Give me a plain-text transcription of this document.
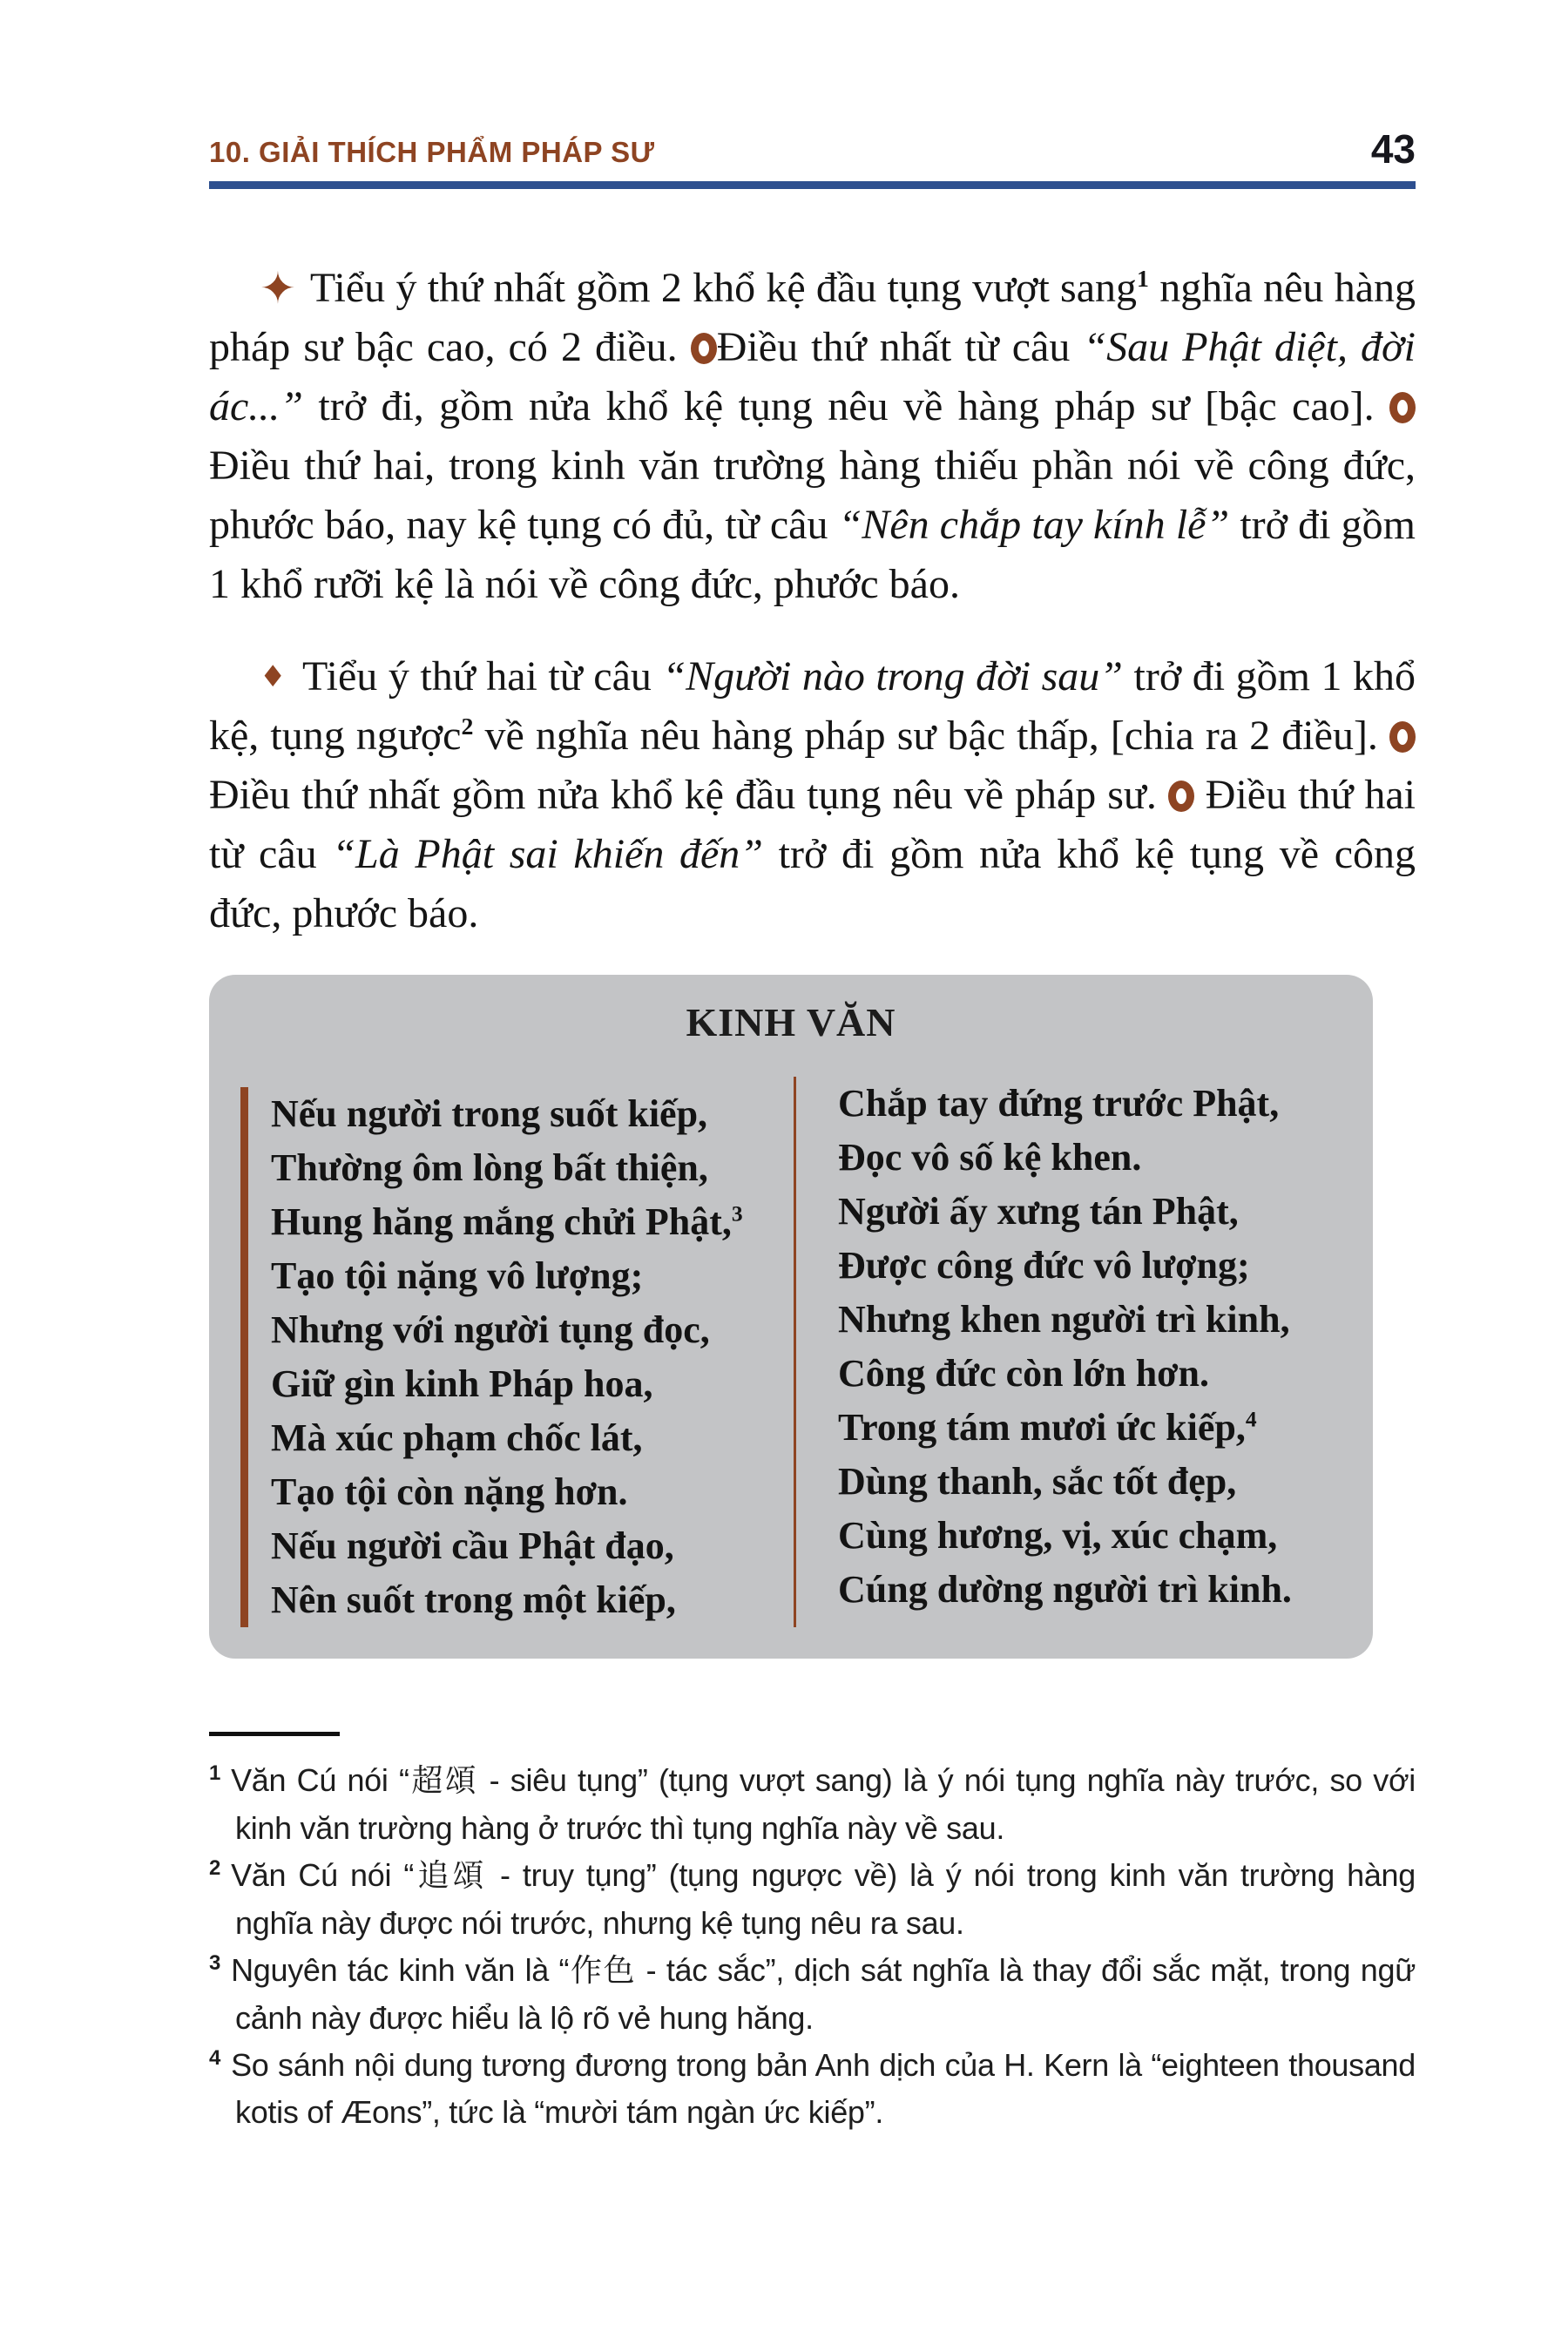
10. GIẢI THÍCH PHẨM PHÁP SƯ	43

✦ Tiểu ý thứ nhất gồm 2 khổ kệ đầu tụng vượt sang$^1$ nghĩa nêu hàng pháp sư bậc cao, có 2 điều. Điều thứ nhất từ câu “Sau Phật diệt, đời ác...” trở đi, gồm nửa khổ kệ tụng nêu về hàng pháp sư [bậc cao]. Điều thứ hai, trong kinh văn trường hàng thiếu phần nói về công đức, phước báo, nay kệ tụng có đủ, từ câu “Nên chắp tay kính lễ” trở đi gồm 1 khổ rưỡi kệ là nói về công đức, phước báo.

♦ Tiểu ý thứ hai từ câu “Người nào trong đời sau” trở đi gồm 1 khổ kệ, tụng ngược$^2$ về nghĩa nêu hàng pháp sư bậc thấp, [chia ra 2 điều].  Điều thứ nhất gồm nửa khổ kệ đầu tụng nêu về pháp sư.  Điều thứ hai từ câu “Là Phật sai khiến đến” trở đi gồm nửa khổ kệ tụng về công đức, phước báo.

KINH VĂN
Nếu người trong suốt kiếp,
Thường ôm lòng bất thiện,
Hung hăng mắng chửi Phật,$^3$
Tạo tội nặng vô lượng;
Nhưng với người tụng đọc,
Giữ gìn kinh Pháp hoa,
Mà xúc phạm chốc lát,
Tạo tội còn nặng hơn.
Nếu người cầu Phật đạo,
Nên suốt trong một kiếp,
Chắp tay đứng trước Phật,
Đọc vô số kệ khen.
Người ấy xưng tán Phật,
Được công đức vô lượng;
Nhưng khen người trì kinh,
Công đức còn lớn hơn.
Trong tám mươi ức kiếp,$^4$
Dùng thanh, sắc tốt đẹp,
Cùng hương, vị, xúc chạm,
Cúng dường người trì kinh.
$^1$ Văn Cú nói “超頌 - siêu tụng” (tụng vượt sang) là ý nói tụng nghĩa này trước, so với kinh văn trường hàng ở trước thì tụng nghĩa này về sau.
$^2$ Văn Cú nói “追頌 - truy tụng” (tụng ngược về) là ý nói trong kinh văn trường hàng nghĩa này được nói trước, nhưng kệ tụng nêu ra sau.
$^3$ Nguyên tác kinh văn là “作色 - tác sắc”, dịch sát nghĩa là thay đổi sắc mặt, trong ngữ cảnh này được hiểu là lộ rõ vẻ hung hăng.
$^4$ So sánh nội dung tương đương trong bản Anh dịch của H. Kern là “eighteen thousand kotis of Æons”, tức là “mười tám ngàn ức kiếp”.
